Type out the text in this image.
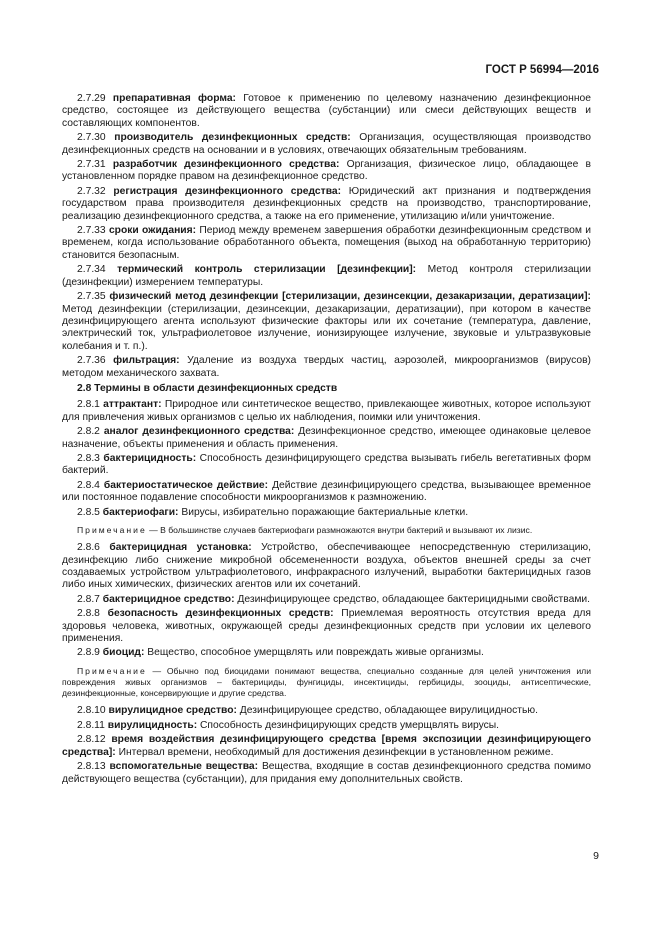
ГОСТ Р 56994—2016

2.7.29 препаративная форма: Готовое к применению по целевому назначению дезинфекционное средство, состоящее из действующего вещества (субстанции) или смеси действующих веществ и составляющих компонентов.

2.7.30 производитель дезинфекционных средств: Организация, осуществляющая производство дезинфекционных средств на основании и в условиях, отвечающих обязательным требованиям.

2.7.31 разработчик дезинфекционного средства: Организация, физическое лицо, обладающее в установленном порядке правом на дезинфекционное средство.

2.7.32 регистрация дезинфекционного средства: Юридический акт признания и подтверждения государством права производителя дезинфекционных средств на производство, транспортирование, реализацию дезинфекционного средства, а также на его применение, утилизацию и/или уничтожение.

2.7.33 сроки ожидания: Период между временем завершения обработки дезинфекционным средством и временем, когда использование обработанного объекта, помещения (выход на обработанную территорию) становится безопасным.

2.7.34 термический контроль стерилизации [дезинфекции]: Метод контроля стерилизации (дезинфекции) измерением температуры.

2.7.35 физический метод дезинфекции [стерилизации, дезинсекции, дезакаризации, дератизации]: Метод дезинфекции (стерилизации, дезинсекции, дезакаризации, дератизации), при котором в качестве дезинфицирующего агента используют физические факторы или их сочетание (температура, давление, электрический ток, ультрафиолетовое излучение, ионизирующее излучение, звуковые и ультразвуковые колебания и т. п.).

2.7.36 фильтрация: Удаление из воздуха твердых частиц, аэрозолей, микроорганизмов (вирусов) методом механического захвата.

2.8 Термины в области дезинфекционных средств

2.8.1 аттрактант: Природное или синтетическое вещество, привлекающее животных, которое используют для привлечения живых организмов с целью их наблюдения, поимки или уничтожения.

2.8.2 аналог дезинфекционного средства: Дезинфекционное средство, имеющее одинаковые целевое назначение, объекты применения и область применения.

2.8.3 бактерицидность: Способность дезинфицирующего средства вызывать гибель вегетативных форм бактерий.

2.8.4 бактериостатическое действие: Действие дезинфицирующего средства, вызывающее временное или постоянное подавление способности микроорганизмов к размножению.

2.8.5 бактериофаги: Вирусы, избирательно поражающие бактериальные клетки.

Примечание — В большинстве случаев бактериофаги размножаются внутри бактерий и вызывают их лизис.

2.8.6 бактерицидная установка: Устройство, обеспечивающее непосредственную стерилизацию, дезинфекцию либо снижение микробной обсемененности воздуха, объектов внешней среды за счет создаваемых устройством ультрафиолетового, инфракрасного излучений, выработки бактерицидных газов либо иных химических, физических агентов или их сочетаний.

2.8.7 бактерицидное средство: Дезинфицирующее средство, обладающее бактерицидными свойствами.

2.8.8 безопасность дезинфекционных средств: Приемлемая вероятность отсутствия вреда для здоровья человека, животных, окружающей среды дезинфекционных средств при условии их целевого применения.

2.8.9 биоцид: Вещество, способное умерщвлять или повреждать живые организмы.

Примечание — Обычно под биоцидами понимают вещества, специально созданные для целей уничтожения или повреждения живых организмов – бактерициды, фунгициды, инсектициды, гербициды, зооциды, антисептические, дезинфекционные, консервирующие и другие средства.

2.8.10 вирулицидное средство: Дезинфицирующее средство, обладающее вирулицидностью.

2.8.11 вирулицидность: Способность дезинфицирующих средств умерщвлять вирусы.

2.8.12 время воздействия дезинфицирующего средства [время экспозиции дезинфицирующего средства]: Интервал времени, необходимый для достижения дезинфекции в установленном режиме.

2.8.13 вспомогательные вещества: Вещества, входящие в состав дезинфекционного средства помимо действующего вещества (субстанции), для придания ему дополнительных свойств.

9
